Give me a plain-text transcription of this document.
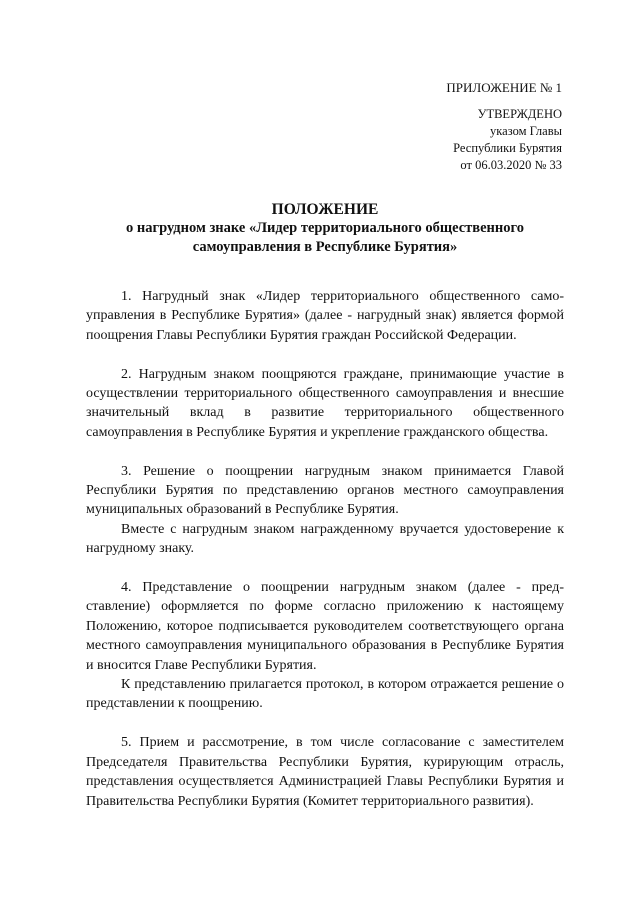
ПРИЛОЖЕНИЕ № 1
УТВЕРЖДЕНО
указом Главы
Республики Бурятия
от 06.03.2020 № 33
ПОЛОЖЕНИЕ
о нагрудном знаке «Лидер территориального общественного
самоуправления в Республике Бурятия»

1. Нагрудный знак «Лидер территориального общественного самоуправления в Республике Бурятия» (далее - нагрудный знак) является формой поощрения Главы Республики Бурятия граждан Российской Федерации.

2. Нагрудным знаком поощряются граждане, принимающие участие в осуществлении территориального общественного самоуправления и внесшие значительный вклад в развитие территориального общественного самоуправления в Республике Бурятия и укрепление гражданского общества.

3. Решение о поощрении нагрудным знаком принимается Главой Республики Бурятия по представлению органов местного самоуправления муниципальных образований в Республике Бурятия.

Вместе с нагрудным знаком награжденному вручается удостоверение к нагрудному знаку.

4. Представление о поощрении нагрудным знаком (далее - представление) оформляется по форме согласно приложению к настоящему Положению, которое подписывается руководителем соответствующего органа местного самоуправления муниципального образования в Республике Бурятия и вносится Главе Республики Бурятия.

К представлению прилагается протокол, в котором отражается решение о представлении к поощрению.

5. Прием и рассмотрение, в том числе согласование с заместителем Председателя Правительства Республики Бурятия, курирующим отрасль, представления осуществляется Администрацией Главы Республики Бурятия и Правительства Республики Бурятия (Комитет территориального развития).
